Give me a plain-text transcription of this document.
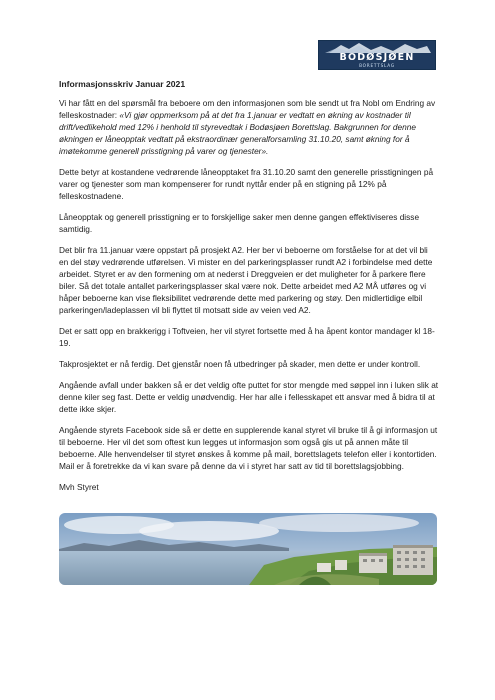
BODØSJØEN
BORETTSLAG
Informasjonsskriv Januar 2021

Vi har fått en del spørsmål fra beboere om den informasjonen som ble sendt ut fra Nobl om Endring av felleskostnader: «Vi gjør oppmerksom på at det fra 1.januar er vedtatt en økning av kostnader til drift/vedlikehold med 12% i henhold til styrevedtak i Bodøsjøen Borettslag. Bakgrunnen for denne økningen er låneopptak vedtatt på ekstraordinær generalforsamling 31.10.20, samt økning for å imøtekomme generell prisstigning på varer og tjenester».

Dette betyr at kostandene vedrørende låneopptaket fra 31.10.20 samt den generelle prisstigningen på varer og tjenester som man kompenserer for rundt nyttår ender på en stigning på 12% på felleskostnadene.

Låneopptak og generell prisstigning er to forskjellige saker men denne gangen effektiviseres disse samtidig.

Det blir fra 11.januar være oppstart på prosjekt A2. Her ber vi beboerne om forståelse for at det vil bli en del støy vedrørende utførelsen. Vi mister en del parkeringsplasser rundt A2 i forbindelse med dette arbeidet. Styret er av den formening om at nederst i Dreggveien er det muligheter for å parkere flere biler. Så det totale antallet parkeringsplasser skal være nok. Dette arbeidet med A2 MÅ utføres og vi håper beboerne kan vise fleksibilitet vedrørende dette med parkering og støy. Den midlertidige elbil parkeringen/ladeplassen vil bli flyttet til motsatt side av veien ved A2.

Det er satt opp en brakkerigg i Toftveien, her vil styret fortsette med å ha åpent kontor mandager kl 18-19.

Takprosjektet er nå ferdig. Det gjenstår noen få utbedringer på skader, men dette er under kontroll.

Angående avfall under bakken så er det veldig ofte puttet for stor mengde med søppel inn i luken slik at denne kiler seg fast. Dette er veldig unødvendig. Her har alle i fellesskapet ett ansvar med å bidra til at dette ikke skjer.

Angående styrets Facebook side så er dette en supplerende kanal styret vil bruke til å gi informasjon ut til beboerne. Her vil det som oftest kun legges ut informasjon som også gis ut på annen måte til beboerne. Alle henvendelser til styret ønskes å komme på mail, borettslagets telefon eller i kontortiden. Mail er å foretrekke da vi kan svare på denne da vi i styret har satt av tid til borettslagsjobbing.

Mvh Styret
